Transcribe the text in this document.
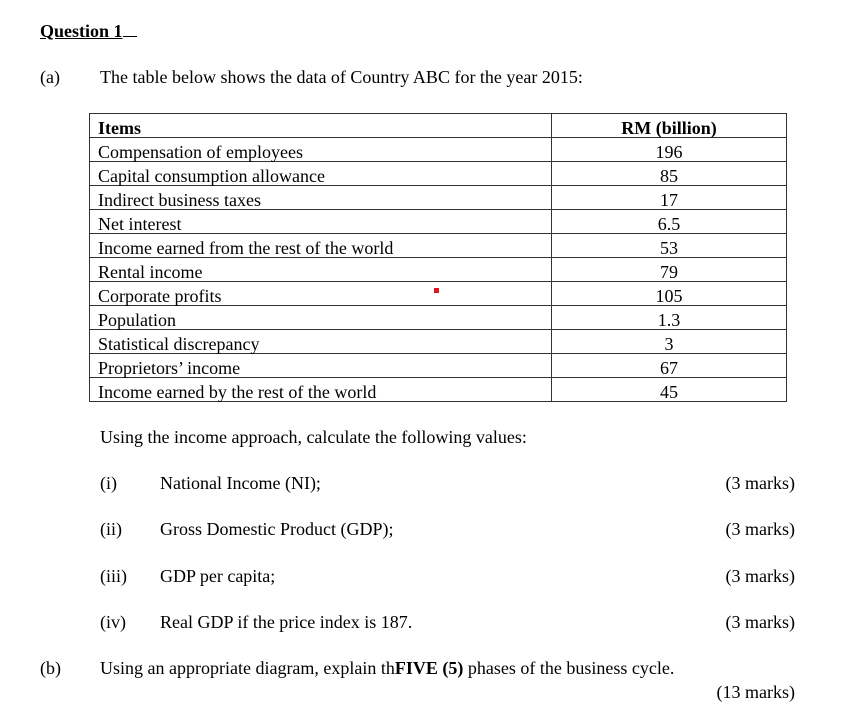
Question 1
(a) The table below shows the data of Country ABC for the year 2015:
Items	RM (billion)
Compensation of employees	196
Capital consumption allowance	85
Indirect business taxes	17
Net interest	6.5
Income earned from the rest of the world	53
Rental income	79
Corporate profits	105
Population	1.3
Statistical discrepancy	3
Proprietors’ income	67
Income earned by the rest of the world	45
Using the income approach, calculate the following values:
(i) National Income (NI);	(3 marks)
(ii) Gross Domestic Product (GDP);	(3 marks)
(iii) GDP per capita;	(3 marks)
(iv) Real GDP if the price index is 187.	(3 marks)
(b) Using an appropriate diagram, explain thFIVE (5) phases of the business cycle.
(13 marks)
